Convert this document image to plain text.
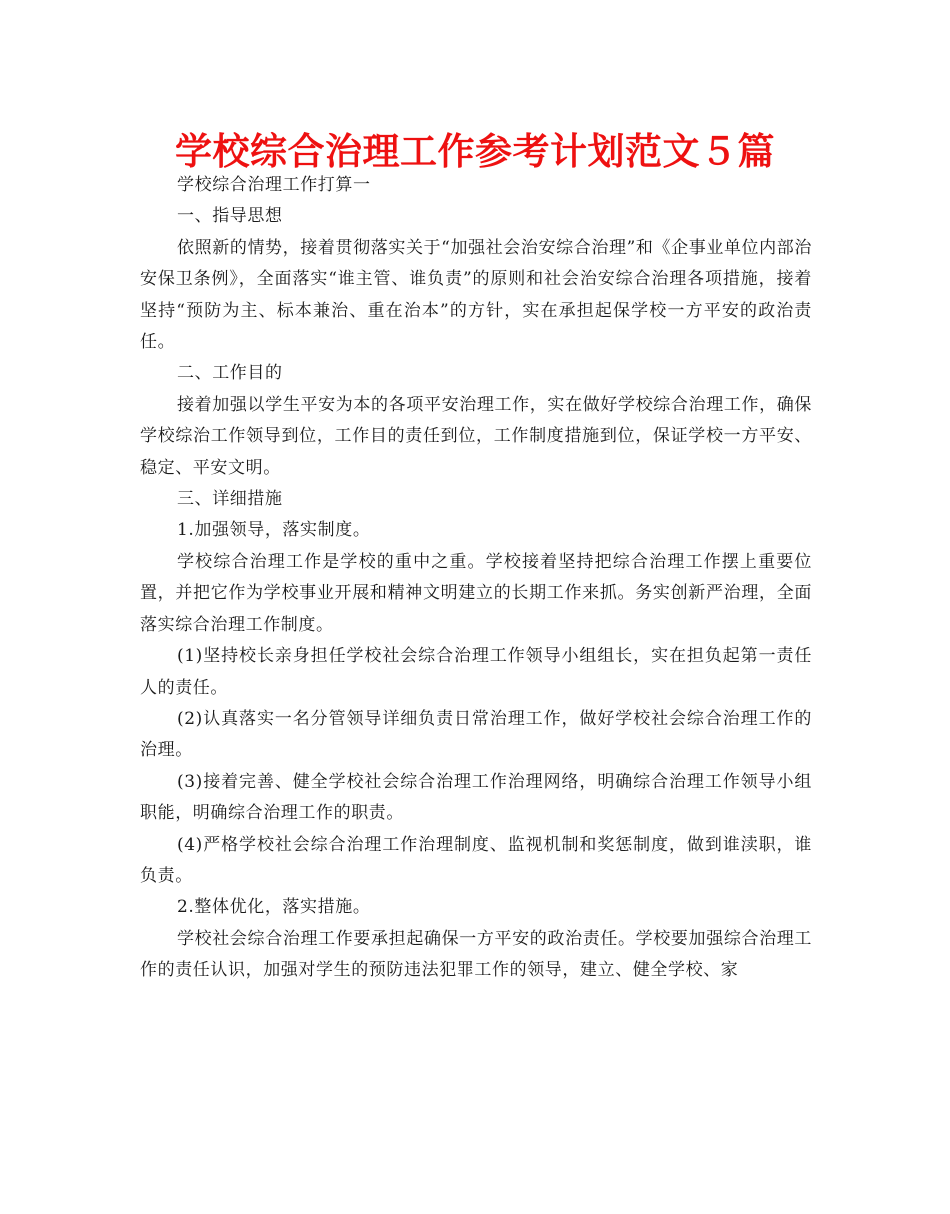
学校综合治理工作参考计划范文５篇

学校综合治理工作打算一

一、指导思想

依照新的情势，接着贯彻落实关于“加强社会治安综合治理”和《企事业单位内部治安保卫条例》，全面落实“谁主管、谁负责”的原则和社会治安综合治理各项措施，接着坚持“预防为主、标本兼治、重在治本”的方针，实在承担起保学校一方平安的政治责任。

二、工作目的

接着加强以学生平安为本的各项平安治理工作，实在做好学校综合治理工作，确保学校综治工作领导到位，工作目的责任到位，工作制度措施到位，保证学校一方平安、稳定、平安文明。

三、详细措施

1.加强领导，落实制度。

学校综合治理工作是学校的重中之重。学校接着坚持把综合治理工作摆上重要位置，并把它作为学校事业开展和精神文明建立的长期工作来抓。务实创新严治理，全面落实综合治理工作制度。

(1)坚持校长亲身担任学校社会综合治理工作领导小组组长，实在担负起第一责任人的责任。

(2)认真落实一名分管领导详细负责日常治理工作，做好学校社会综合治理工作的治理。

(3)接着完善、健全学校社会综合治理工作治理网络，明确综合治理工作领导小组职能，明确综合治理工作的职责。

(4)严格学校社会综合治理工作治理制度、监视机制和奖惩制度，做到谁渎职，谁负责。

2.整体优化，落实措施。

学校社会综合治理工作要承担起确保一方平安的政治责任。学校要加强综合治理工作的责任认识，加强对学生的预防违法犯罪工作的领导，建立、健全学校、家
